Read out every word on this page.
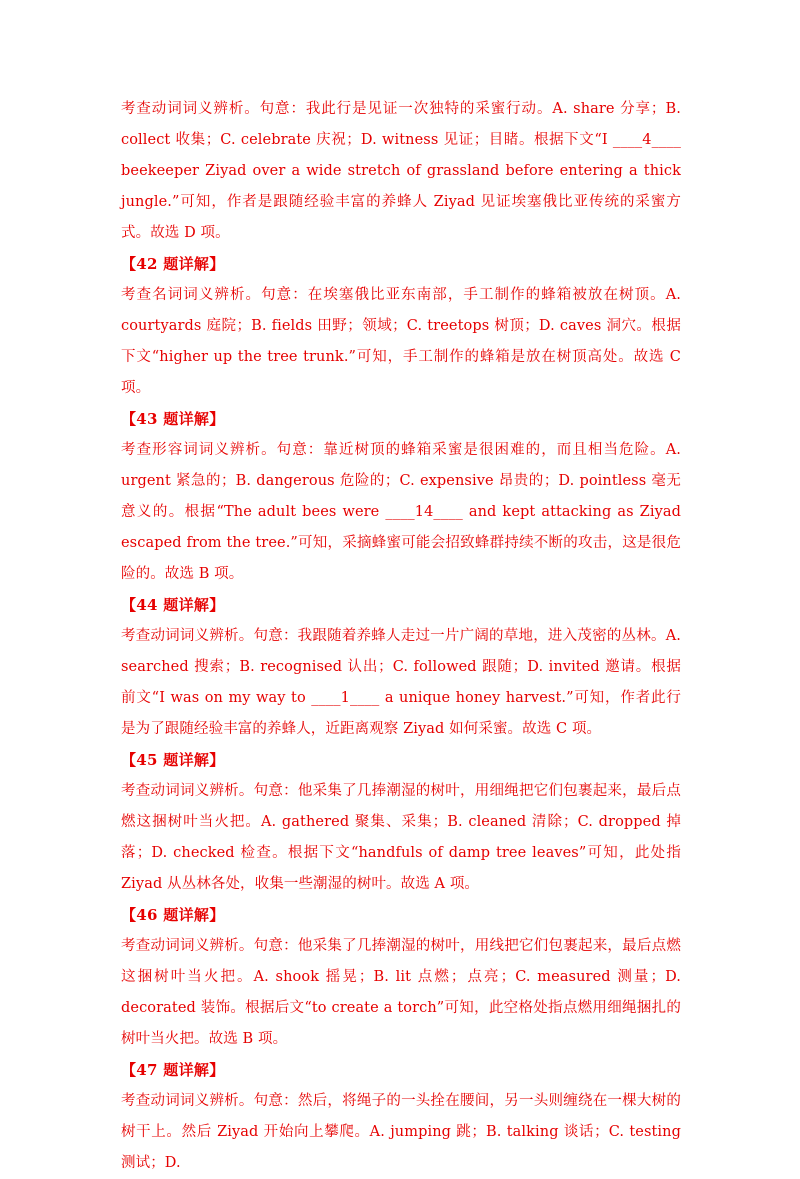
考查动词词义辨析。句意：我此行是见证一次独特的采蜜行动。A. share 分享；B. collect 收集；C. celebrate 庆祝；D. witness 见证；目睹。根据下文“I ____4____ beekeeper Ziyad over a wide stretch of grassland before entering a thick jungle.”可知，作者是跟随经验丰富的养蜂人 Ziyad 见证埃塞俄比亚传统的采蜜方式。故选 D 项。

【42 题详解】

考查名词词义辨析。句意：在埃塞俄比亚东南部，手工制作的蜂箱被放在树顶。A. courtyards 庭院；B. fields 田野；领域；C. treetops 树顶；D. caves 洞穴。根据下文“higher up the tree trunk.”可知，手工制作的蜂箱是放在树顶高处。故选 C 项。

【43 题详解】

考查形容词词义辨析。句意：靠近树顶的蜂箱采蜜是很困难的，而且相当危险。A. urgent 紧急的；B. dangerous 危险的；C. expensive 昂贵的；D. pointless 毫无意义的。根据“The adult bees were ____14____ and kept attacking as Ziyad escaped from the tree.”可知，采摘蜂蜜可能会招致蜂群持续不断的攻击，这是很危险的。故选 B 项。

【44 题详解】

考查动词词义辨析。句意：我跟随着养蜂人走过一片广阔的草地，进入茂密的丛林。A. searched 搜索；B. recognised 认出；C. followed 跟随；D. invited 邀请。根据前文“I was on my way to ____1____ a unique honey harvest.”可知，作者此行是为了跟随经验丰富的养蜂人，近距离观察 Ziyad 如何采蜜。故选 C 项。

【45 题详解】

考查动词词义辨析。句意：他采集了几捧潮湿的树叶，用细绳把它们包裹起来，最后点燃这捆树叶当火把。A. gathered 聚集、采集；B. cleaned 清除；C. dropped 掉落；D. checked 检查。根据下文“handfuls of damp tree leaves”可知，此处指 Ziyad 从丛林各处，收集一些潮湿的树叶。故选 A 项。

【46 题详解】

考查动词词义辨析。句意：他采集了几捧潮湿的树叶，用线把它们包裹起来，最后点燃这捆树叶当火把。A. shook 摇晃；B. lit 点燃；点亮；C. measured 测量；D. decorated 装饰。根据后文“to create a torch”可知，此空格处指点燃用细绳捆扎的树叶当火把。故选 B 项。

【47 题详解】

考查动词词义辨析。句意：然后，将绳子的一头拴在腰间，另一头则缠绕在一棵大树的树干上。然后 Ziyad 开始向上攀爬。A. jumping 跳；B. talking 谈话；C. testing 测试；D.
